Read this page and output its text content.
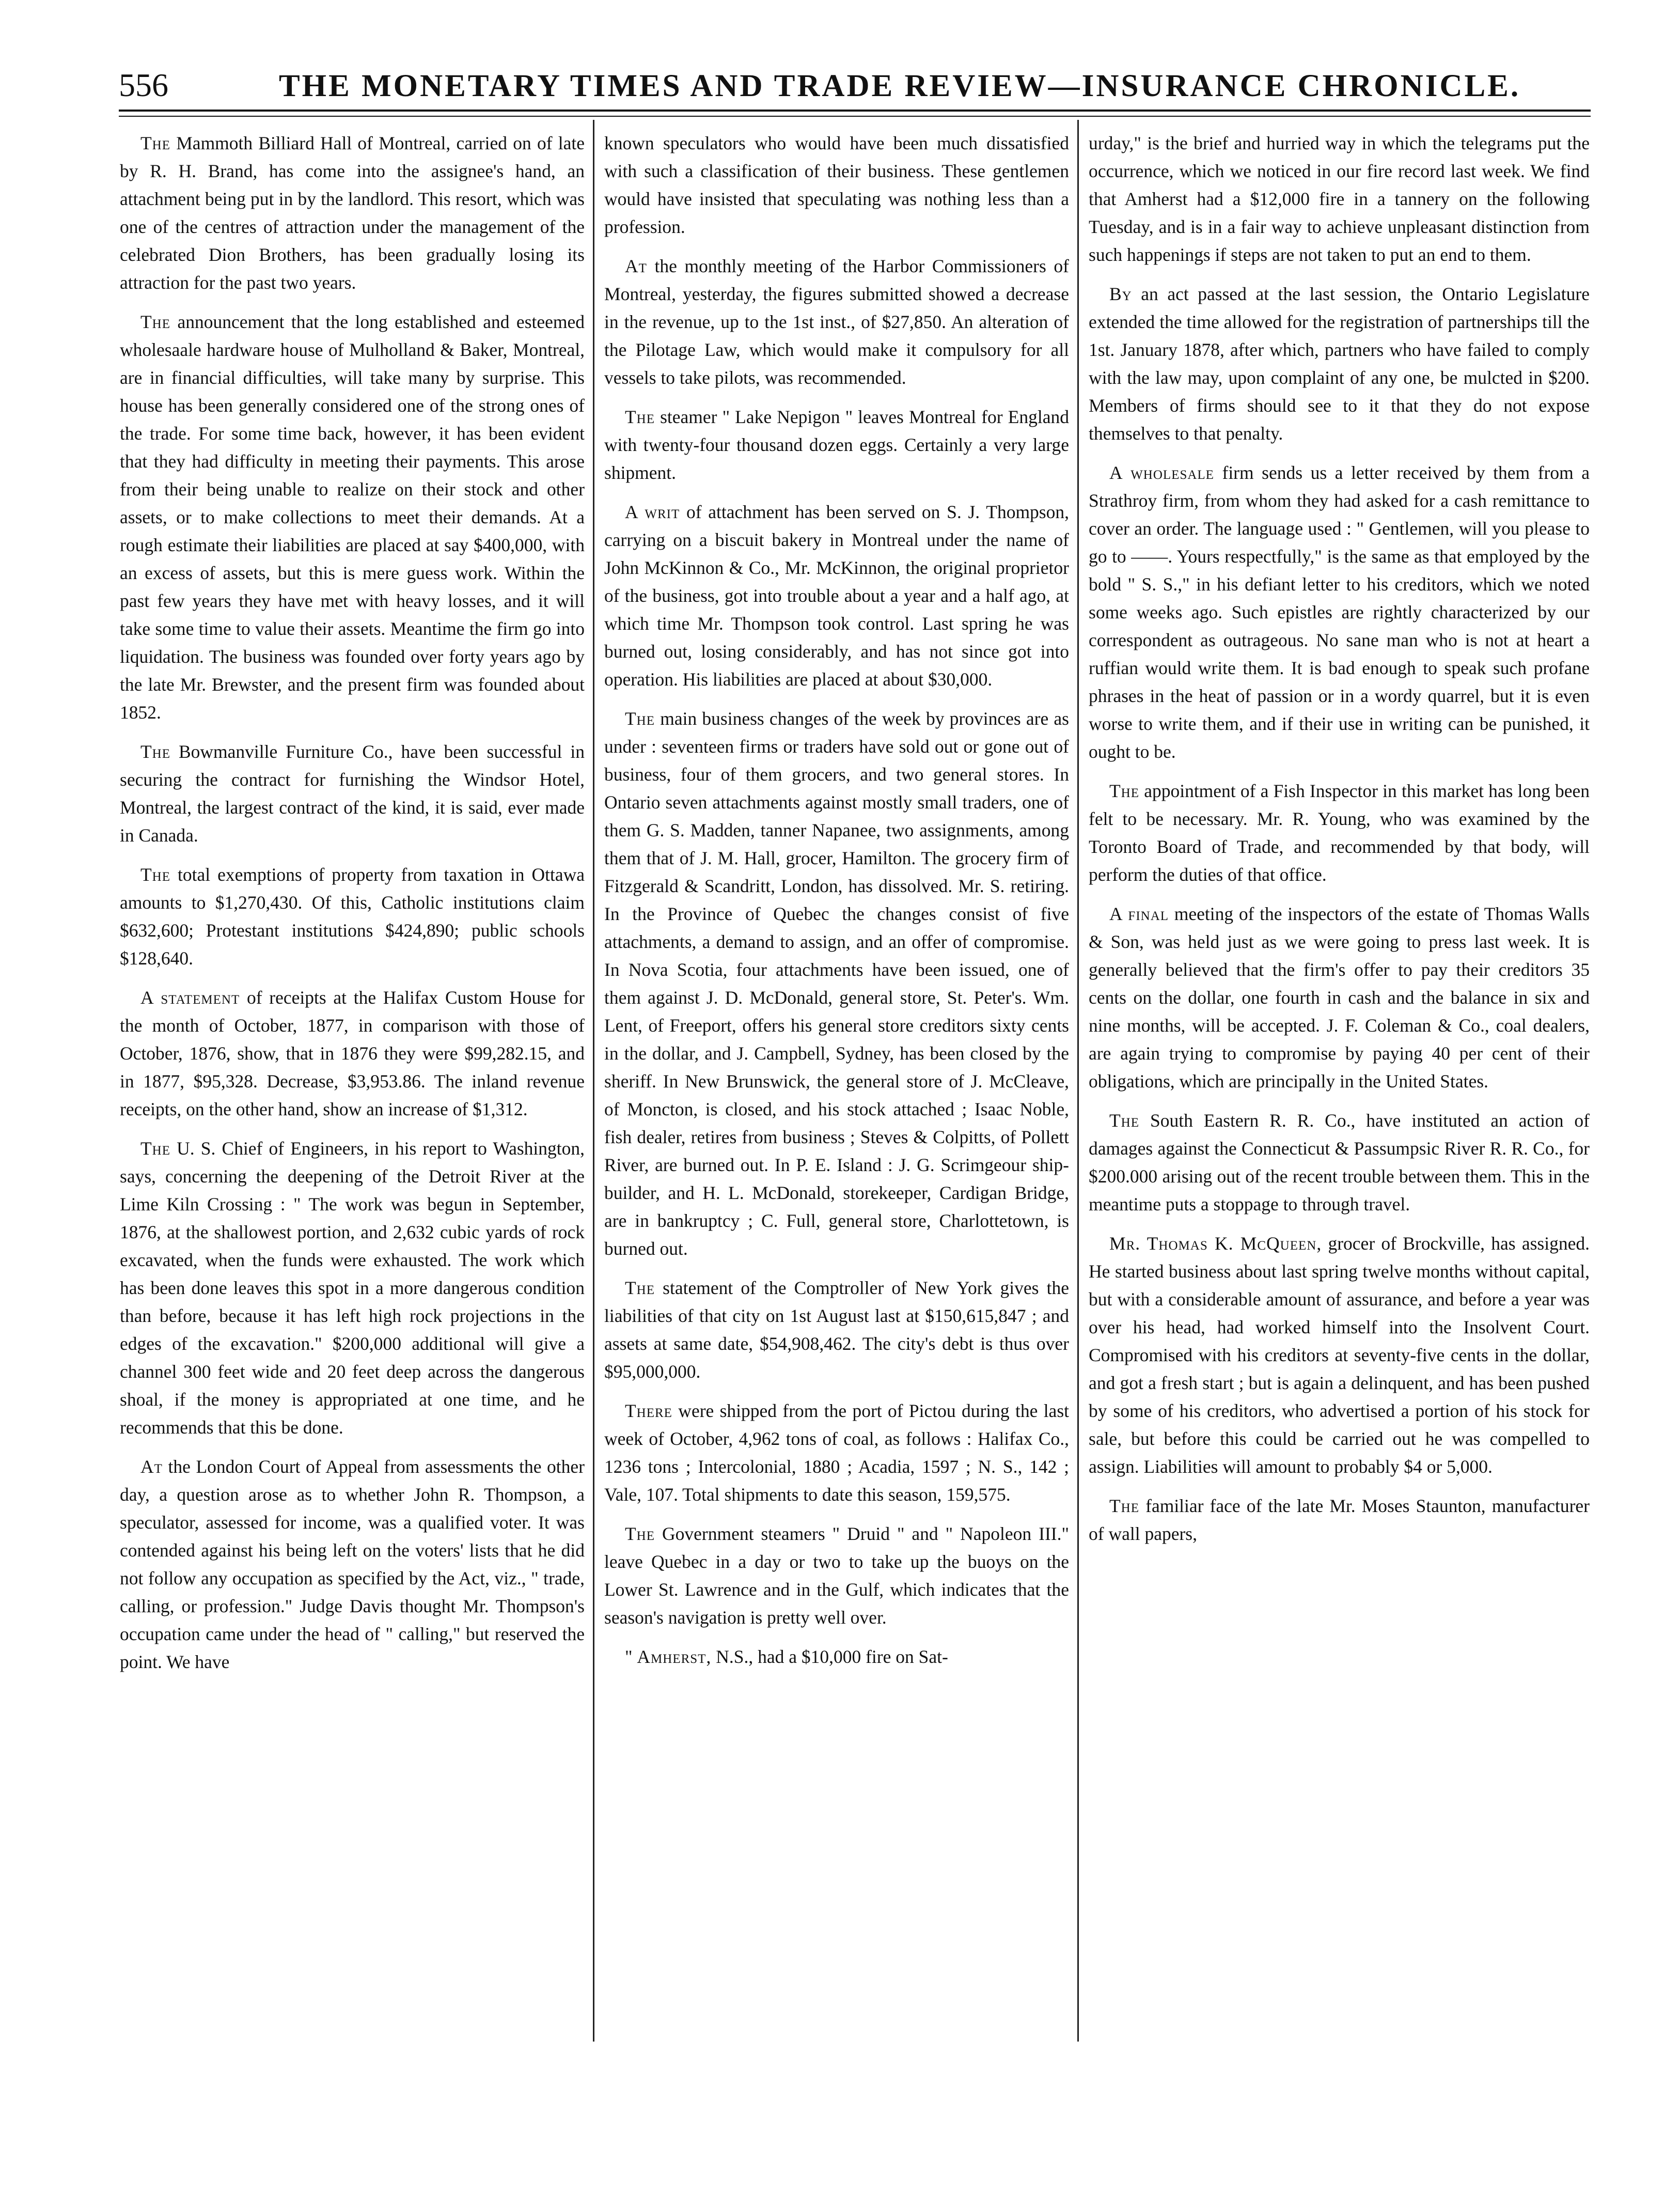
556	THE MONETARY TIMES AND TRADE REVIEW—INSURANCE CHRONICLE.

The Mammoth Billiard Hall of Montreal, carried on of late by R. H. Brand, has come into the assignee's hand, an attachment being put in by the landlord. This resort, which was one of the centres of attraction under the management of the celebrated Dion Brothers, has been gradually losing its attraction for the past two years.

The announcement that the long established and esteemed wholesaale hardware house of Mulholland & Baker, Montreal, are in financial difficulties, will take many by surprise. This house has been generally considered one of the strong ones of the trade. For some time back, however, it has been evident that they had difficulty in meeting their payments. This arose from their being unable to realize on their stock and other assets, or to make collections to meet their demands. At a rough estimate their liabilities are placed at say $400,000, with an excess of assets, but this is mere guess work. Within the past few years they have met with heavy losses, and it will take some time to value their assets. Meantime the firm go into liquidation. The business was founded over forty years ago by the late Mr. Brewster, and the present firm was founded about 1852.

The Bowmanville Furniture Co., have been successful in securing the contract for furnishing the Windsor Hotel, Montreal, the largest contract of the kind, it is said, ever made in Canada.

The total exemptions of property from taxation in Ottawa amounts to $1,270,430. Of this, Catholic institutions claim $632,600; Protestant institutions $424,890; public schools $128,640.

A statement of receipts at the Halifax Custom House for the month of October, 1877, in comparison with those of October, 1876, show, that in 1876 they were $99,282.15, and in 1877, $95,328. Decrease, $3,953.86. The inland revenue receipts, on the other hand, show an increase of $1,312.

The U. S. Chief of Engineers, in his report to Washington, says, concerning the deepening of the Detroit River at the Lime Kiln Crossing : " The work was begun in September, 1876, at the shallowest portion, and 2,632 cubic yards of rock excavated, when the funds were exhausted. The work which has been done leaves this spot in a more dangerous condition than before, because it has left high rock projections in the edges of the excavation." $200,000 additional will give a channel 300 feet wide and 20 feet deep across the dangerous shoal, if the money is appropriated at one time, and he recommends that this be done.

At the London Court of Appeal from assessments the other day, a question arose as to whether John R. Thompson, a speculator, assessed for income, was a qualified voter. It was contended against his being left on the voters' lists that he did not follow any occupation as specified by the Act, viz., " trade, calling, or profession." Judge Davis thought Mr. Thompson's occupation came under the head of " calling," but reserved the point. We have

known speculators who would have been much dissatisfied with such a classification of their business. These gentlemen would have insisted that speculating was nothing less than a profession.

At the monthly meeting of the Harbor Commissioners of Montreal, yesterday, the figures submitted showed a decrease in the revenue, up to the 1st inst., of $27,850. An alteration of the Pilotage Law, which would make it compulsory for all vessels to take pilots, was recommended.

The steamer " Lake Nepigon " leaves Montreal for England with twenty-four thousand dozen eggs. Certainly a very large shipment.

A writ of attachment has been served on S. J. Thompson, carrying on a biscuit bakery in Montreal under the name of John McKinnon & Co., Mr. McKinnon, the original proprietor of the business, got into trouble about a year and a half ago, at which time Mr. Thompson took control. Last spring he was burned out, losing considerably, and has not since got into operation. His liabilities are placed at about $30,000.

The main business changes of the week by provinces are as under : seventeen firms or traders have sold out or gone out of business, four of them grocers, and two general stores. In Ontario seven attachments against mostly small traders, one of them G. S. Madden, tanner Napanee, two assignments, among them that of J. M. Hall, grocer, Hamilton. The grocery firm of Fitzgerald & Scandritt, London, has dissolved. Mr. S. retiring. In the Province of Quebec the changes consist of five attachments, a demand to assign, and an offer of compromise. In Nova Scotia, four attachments have been issued, one of them against J. D. McDonald, general store, St. Peter's. Wm. Lent, of Freeport, offers his general store creditors sixty cents in the dollar, and J. Campbell, Sydney, has been closed by the sheriff. In New Brunswick, the general store of J. McCleave, of Moncton, is closed, and his stock attached ; Isaac Noble, fish dealer, retires from business ; Steves & Colpitts, of Pollett River, are burned out. In P. E. Island : J. G. Scrimgeour ship-builder, and H. L. McDonald, storekeeper, Cardigan Bridge, are in bankruptcy ; C. Full, general store, Charlottetown, is burned out.

The statement of the Comptroller of New York gives the liabilities of that city on 1st August last at $150,615,847 ; and assets at same date, $54,908,462. The city's debt is thus over $95,000,000.

There were shipped from the port of Pictou during the last week of October, 4,962 tons of coal, as follows : Halifax Co., 1236 tons ; Intercolonial, 1880 ; Acadia, 1597 ; N. S., 142 ; Vale, 107. Total shipments to date this season, 159,575.

The Government steamers " Druid " and " Napoleon III." leave Quebec in a day or two to take up the buoys on the Lower St. Lawrence and in the Gulf, which indicates that the season's navigation is pretty well over.

" Amherst, N.S., had a $10,000 fire on Sat-

urday," is the brief and hurried way in which the telegrams put the occurrence, which we noticed in our fire record last week. We find that Amherst had a $12,000 fire in a tannery on the following Tuesday, and is in a fair way to achieve unpleasant distinction from such happenings if steps are not taken to put an end to them.

By an act passed at the last session, the Ontario Legislature extended the time allowed for the registration of partnerships till the 1st. January 1878, after which, partners who have failed to comply with the law may, upon complaint of any one, be mulcted in $200. Members of firms should see to it that they do not expose themselves to that penalty.

A wholesale firm sends us a letter received by them from a Strathroy firm, from whom they had asked for a cash remittance to cover an order. The language used : " Gentlemen, will you please to go to ——. Yours respectfully," is the same as that employed by the bold " S. S.," in his defiant letter to his creditors, which we noted some weeks ago. Such epistles are rightly characterized by our correspondent as outrageous. No sane man who is not at heart a ruffian would write them. It is bad enough to speak such profane phrases in the heat of passion or in a wordy quarrel, but it is even worse to write them, and if their use in writing can be punished, it ought to be.

The appointment of a Fish Inspector in this market has long been felt to be necessary. Mr. R. Young, who was examined by the Toronto Board of Trade, and recommended by that body, will perform the duties of that office.

A final meeting of the inspectors of the estate of Thomas Walls & Son, was held just as we were going to press last week. It is generally believed that the firm's offer to pay their creditors 35 cents on the dollar, one fourth in cash and the balance in six and nine months, will be accepted. J. F. Coleman & Co., coal dealers, are again trying to compromise by paying 40 per cent of their obligations, which are principally in the United States.

The South Eastern R. R. Co., have instituted an action of damages against the Connecticut & Passumpsic River R. R. Co., for $200.000 arising out of the recent trouble between them. This in the meantime puts a stoppage to through travel.

Mr. Thomas K. McQueen, grocer of Brockville, has assigned. He started business about last spring twelve months without capital, but with a considerable amount of assurance, and before a year was over his head, had worked himself into the Insolvent Court. Compromised with his creditors at seventy-five cents in the dollar, and got a fresh start ; but is again a delinquent, and has been pushed by some of his creditors, who advertised a portion of his stock for sale, but before this could be carried out he was compelled to assign. Liabilities will amount to probably $4 or 5,000.

The familiar face of the late Mr. Moses Staunton, manufacturer of wall papers,
